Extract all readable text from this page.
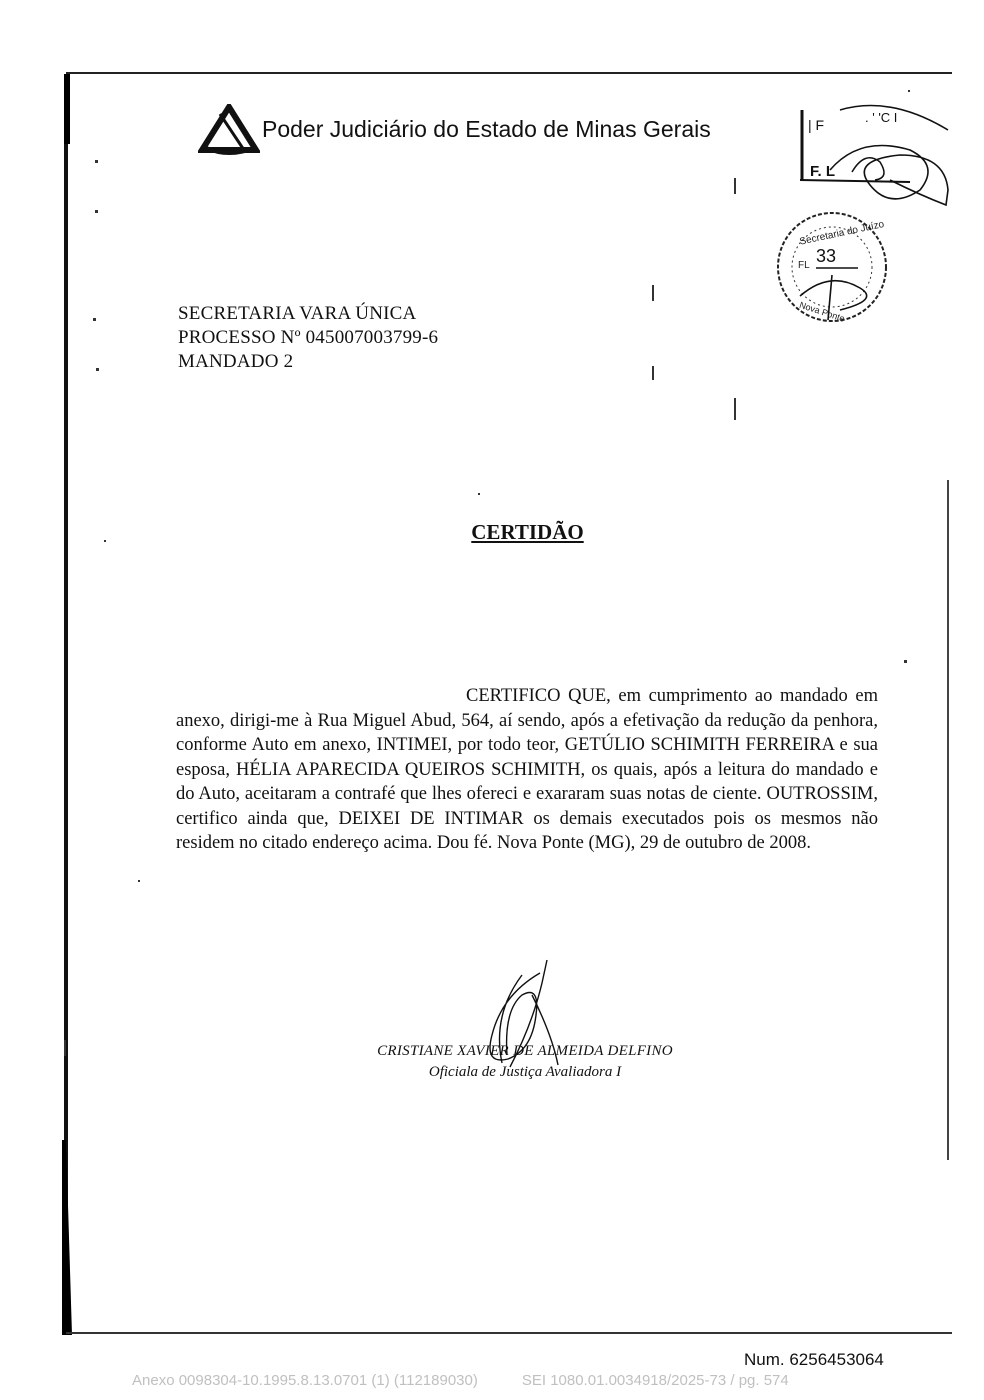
Poder Judiciário do Estado de Minas Gerais	| F	. ' 'C I
F. L
Secretaria do Juízo
Nova Ponte
FL 33
SECRETARIA VARA ÚNICA
PROCESSO Nº 045007003799-6
MANDADO 2
CERTIDÃO
CERTIFICO QUE, em cumprimento ao mandado em anexo, dirigi-me à Rua Miguel Abud, 564, aí sendo, após a efetivação da redução da penhora, conforme Auto em anexo, INTIMEI, por todo teor, GETÚLIO SCHIMITH FERREIRA e sua esposa, HÉLIA APARECIDA QUEIROS SCHIMITH, os quais, após a leitura do mandado e do Auto, aceitaram a contrafé que lhes ofereci e exararam suas notas de ciente. OUTROSSIM, certifico ainda que, DEIXEI DE INTIMAR os demais executados pois os mesmos não residem no citado endereço acima. Dou fé. Nova Ponte (MG), 29 de outubro de 2008.
CRISTIANE XAVIER DE ALMEIDA DELFINO
Oficiala de Justiça Avaliadora I
Num. 6256453064
Anexo 0098304-10.1995.8.13.0701 (1) (112189030)	SEI 1080.01.0034918/2025-73 / pg. 574
